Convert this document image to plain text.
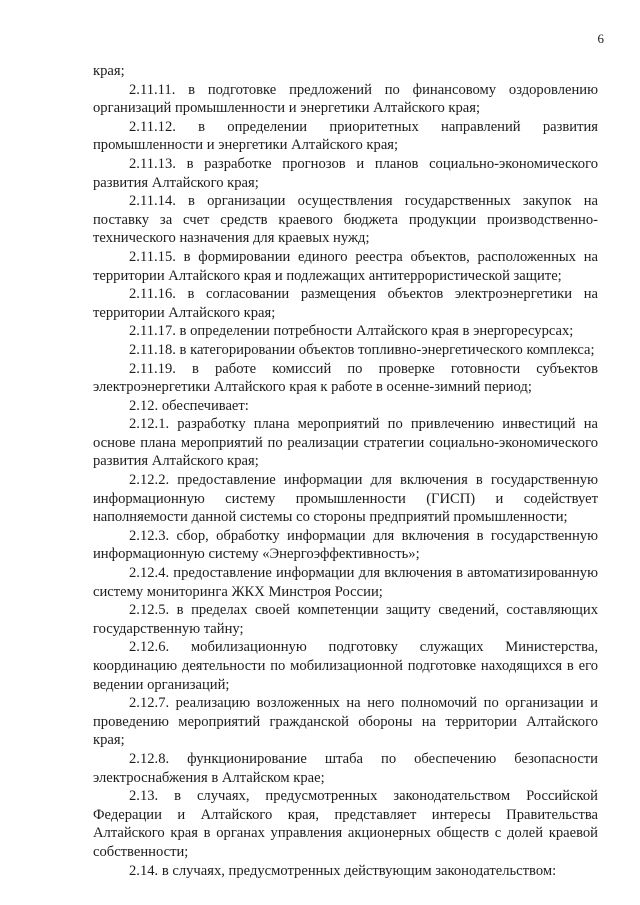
6

края;

2.11.11. в подготовке предложений по финансовому оздоровлению организаций промышленности и энергетики Алтайского края;

2.11.12. в определении приоритетных направлений развития промышленности и энергетики Алтайского края;

2.11.13. в разработке прогнозов и планов социально-экономического развития Алтайского края;

2.11.14. в организации осуществления государственных закупок на поставку за счет средств краевого бюджета продукции производственно-технического назначения для краевых нужд;

2.11.15. в формировании единого реестра объектов, расположенных на территории Алтайского края и подлежащих антитеррористической защите;

2.11.16. в согласовании размещения объектов электроэнергетики на территории Алтайского края;

2.11.17. в определении потребности Алтайского края в энергоресурсах;

2.11.18. в категорировании объектов топливно-энергетического комплекса;

2.11.19. в работе комиссий по проверке готовности субъектов электроэнергетики Алтайского края к работе в осенне-зимний период;

2.12. обеспечивает:

2.12.1. разработку плана мероприятий по привлечению инвестиций на основе плана мероприятий по реализации стратегии социально-экономического развития Алтайского края;

2.12.2. предоставление информации для включения в государственную информационную систему промышленности (ГИСП) и содействует наполняемости данной системы со стороны предприятий промышленности;

2.12.3. сбор, обработку информации для включения в государственную информационную систему «Энергоэффективность»;

2.12.4. предоставление информации для включения в автоматизированную систему мониторинга ЖКХ Минстроя России;

2.12.5. в пределах своей компетенции защиту сведений, составляющих государственную тайну;

2.12.6. мобилизационную подготовку служащих Министерства, координацию деятельности по мобилизационной подготовке находящихся в его ведении организаций;

2.12.7. реализацию возложенных на него полномочий по организации и проведению мероприятий гражданской обороны на территории Алтайского края;

2.12.8. функционирование штаба по обеспечению безопасности электроснабжения в Алтайском крае;

2.13. в случаях, предусмотренных законодательством Российской Федерации и Алтайского края, представляет интересы Правительства Алтайского края в органах управления акционерных обществ с долей краевой собственности;

2.14. в случаях, предусмотренных действующим законодательством:
